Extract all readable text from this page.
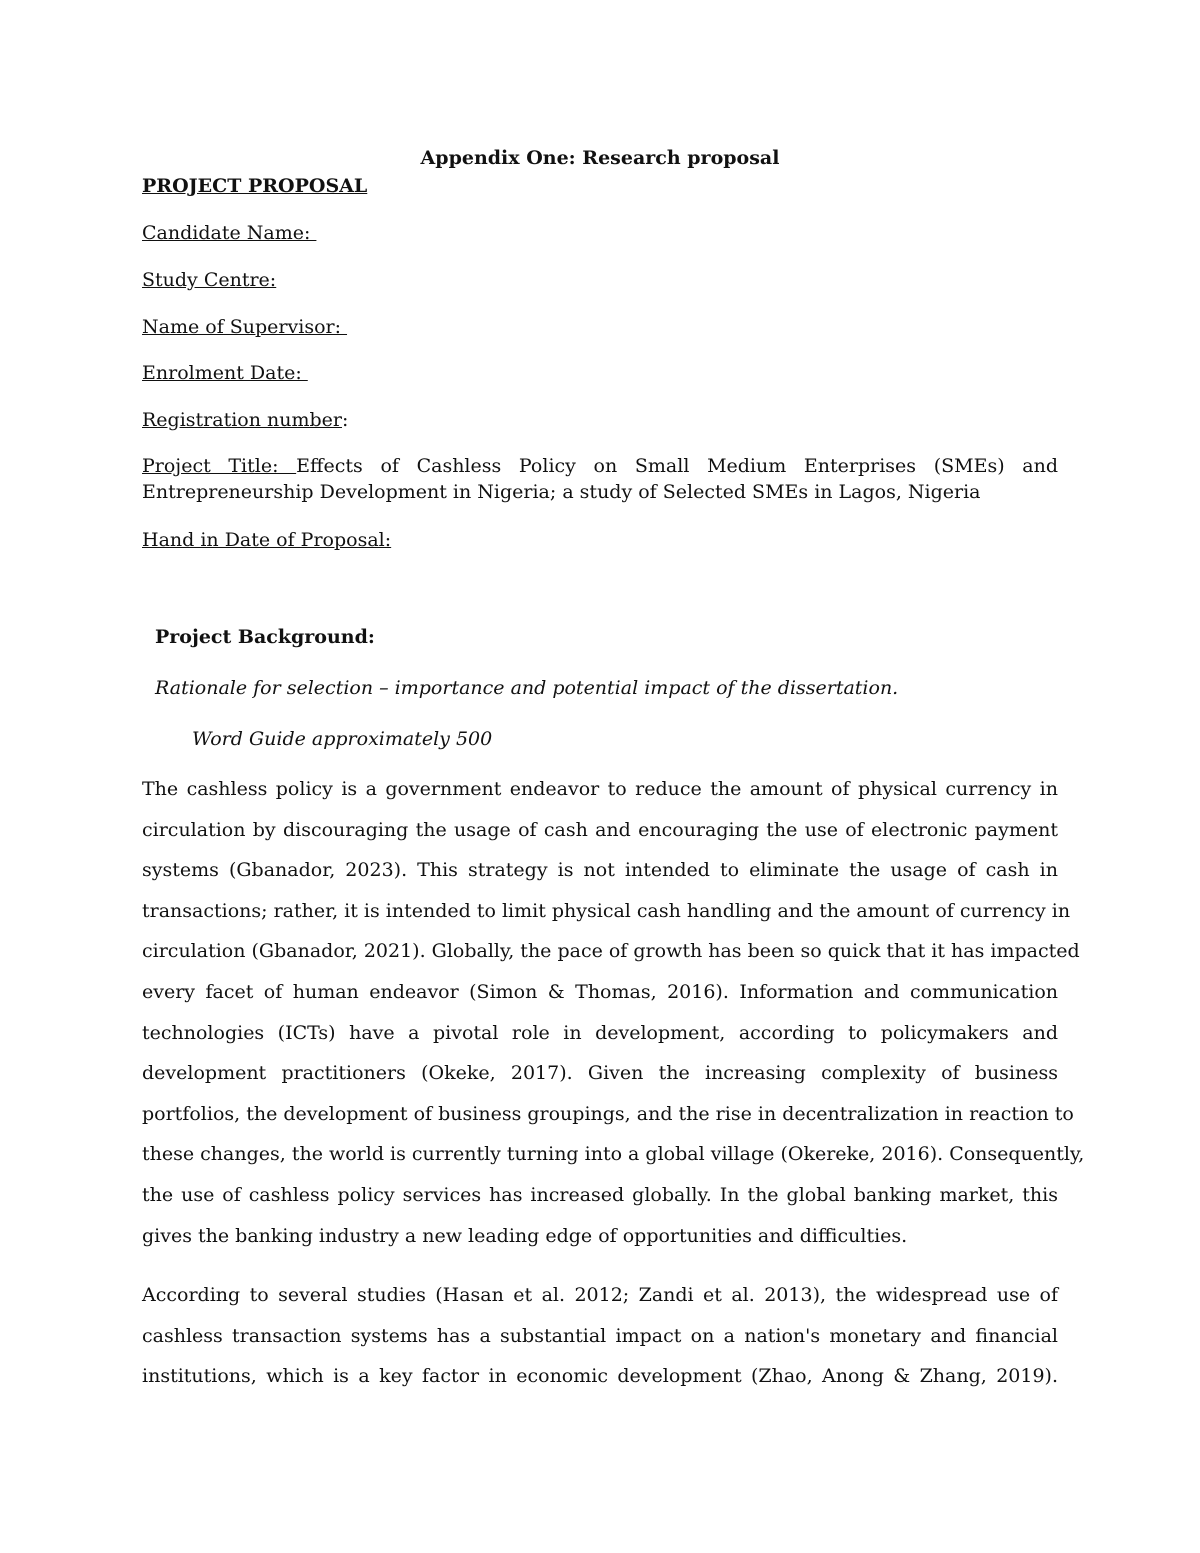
Appendix One: Research proposal
PROJECT PROPOSAL
Candidate Name:
Study Centre:
Name of Supervisor:
Enrolment Date:
Registration number:
Project Title: Effects of Cashless Policy on Small Medium Enterprises (SMEs) and
Entrepreneurship Development in Nigeria; a study of Selected SMEs in Lagos, Nigeria
Hand in Date of Proposal:
Project Background:
Rationale for selection – importance and potential impact of the dissertation.
Word Guide approximately 500
The cashless policy is a government endeavor to reduce the amount of physical currency in
circulation by discouraging the usage of cash and encouraging the use of electronic payment
systems (Gbanador, 2023). This strategy is not intended to eliminate the usage of cash in
transactions; rather, it is intended to limit physical cash handling and the amount of currency in
circulation (Gbanador, 2021). Globally, the pace of growth has been so quick that it has impacted
every facet of human endeavor (Simon & Thomas, 2016). Information and communication
technologies (ICTs) have a pivotal role in development, according to policymakers and
development practitioners (Okeke, 2017). Given the increasing complexity of business
portfolios, the development of business groupings, and the rise in decentralization in reaction to
these changes, the world is currently turning into a global village (Okereke, 2016). Consequently,
the use of cashless policy services has increased globally. In the global banking market, this
gives the banking industry a new leading edge of opportunities and difficulties.
According to several studies (Hasan et al. 2012; Zandi et al. 2013), the widespread use of
cashless transaction systems has a substantial impact on a nation's monetary and financial
institutions, which is a key factor in economic development (Zhao, Anong & Zhang, 2019).
